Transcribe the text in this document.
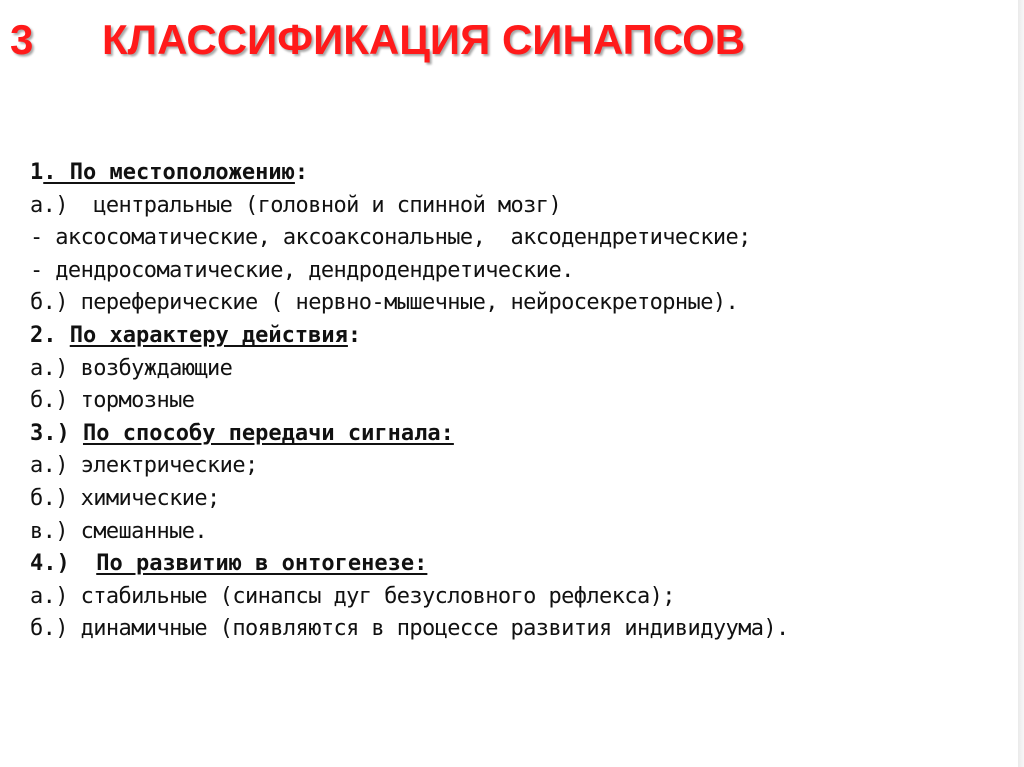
3 КЛАССИФИКАЦИЯ СИНАПСОВ
1. По местоположению:
а.)  центральные (головной и спинной мозг)
- аксосоматические, аксоаксональные,  аксодендретические;
- дендросоматические, дендродендретические.
б.) переферические ( нервно-мышечные, нейросекреторные).
2. По характеру действия:
а.) возбуждающие
б.) тормозные
3.) По способу передачи сигнала:
а.) электрические;
б.) химические;
в.) смешанные.
4.)  По развитию в онтогенезе:
а.) стабильные (синапсы дуг безусловного рефлекса);
б.) динамичные (появляются в процессе развития индивидуума).
